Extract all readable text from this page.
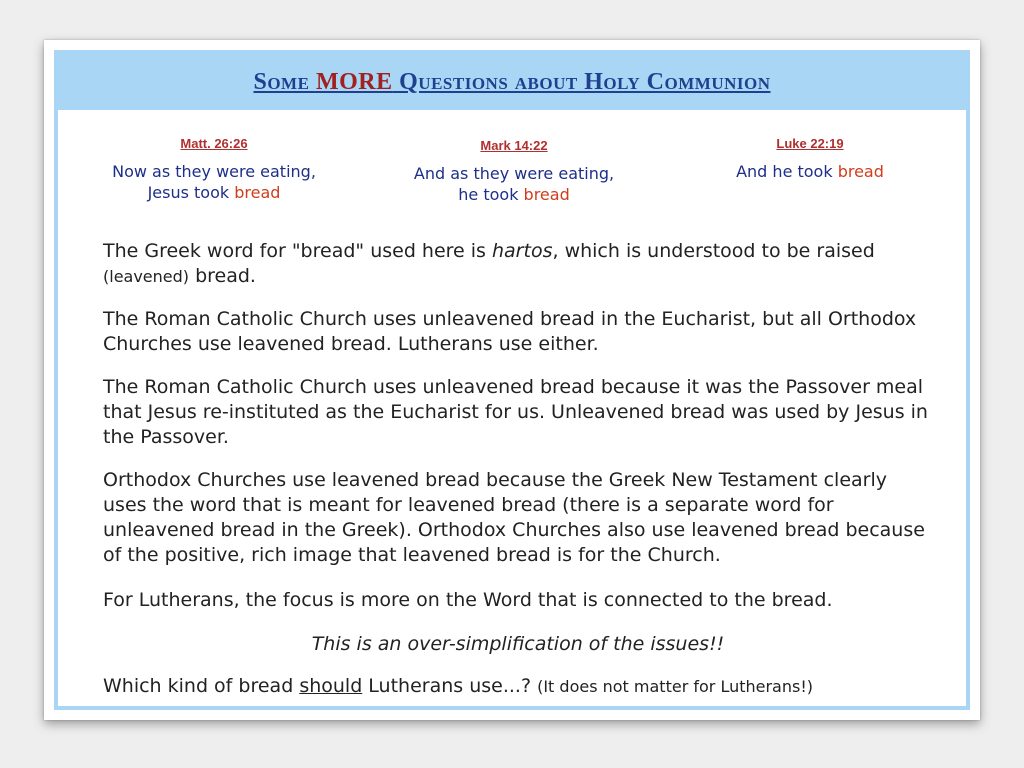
Some MORE Questions about Holy Communion
Matt. 26:26
Now as they were eating,
Jesus took bread
Mark 14:22
And as they were eating,
he took bread
Luke 22:19
And he took bread

The Greek word for "bread" used here is hartos, which is understood to be raised
(leavened) bread.

The Roman Catholic Church uses unleavened bread in the Eucharist, but all Orthodox Churches use leavened bread. Lutherans use either.

The Roman Catholic Church uses unleavened bread because it was the Passover meal that Jesus re-instituted as the Eucharist for us. Unleavened bread was used by Jesus in the Passover.

Orthodox Churches use leavened bread because the Greek New Testament clearly uses the word that is meant for leavened bread (there is a separate word for unleavened bread in the Greek). Orthodox Churches also use leavened bread because of the positive, rich image that leavened bread is for the Church.

For Lutherans, the focus is more on the Word that is connected to the bread.

This is an over-simplification of the issues!!

Which kind of bread should Lutherans use...? (It does not matter for Lutherans!)
